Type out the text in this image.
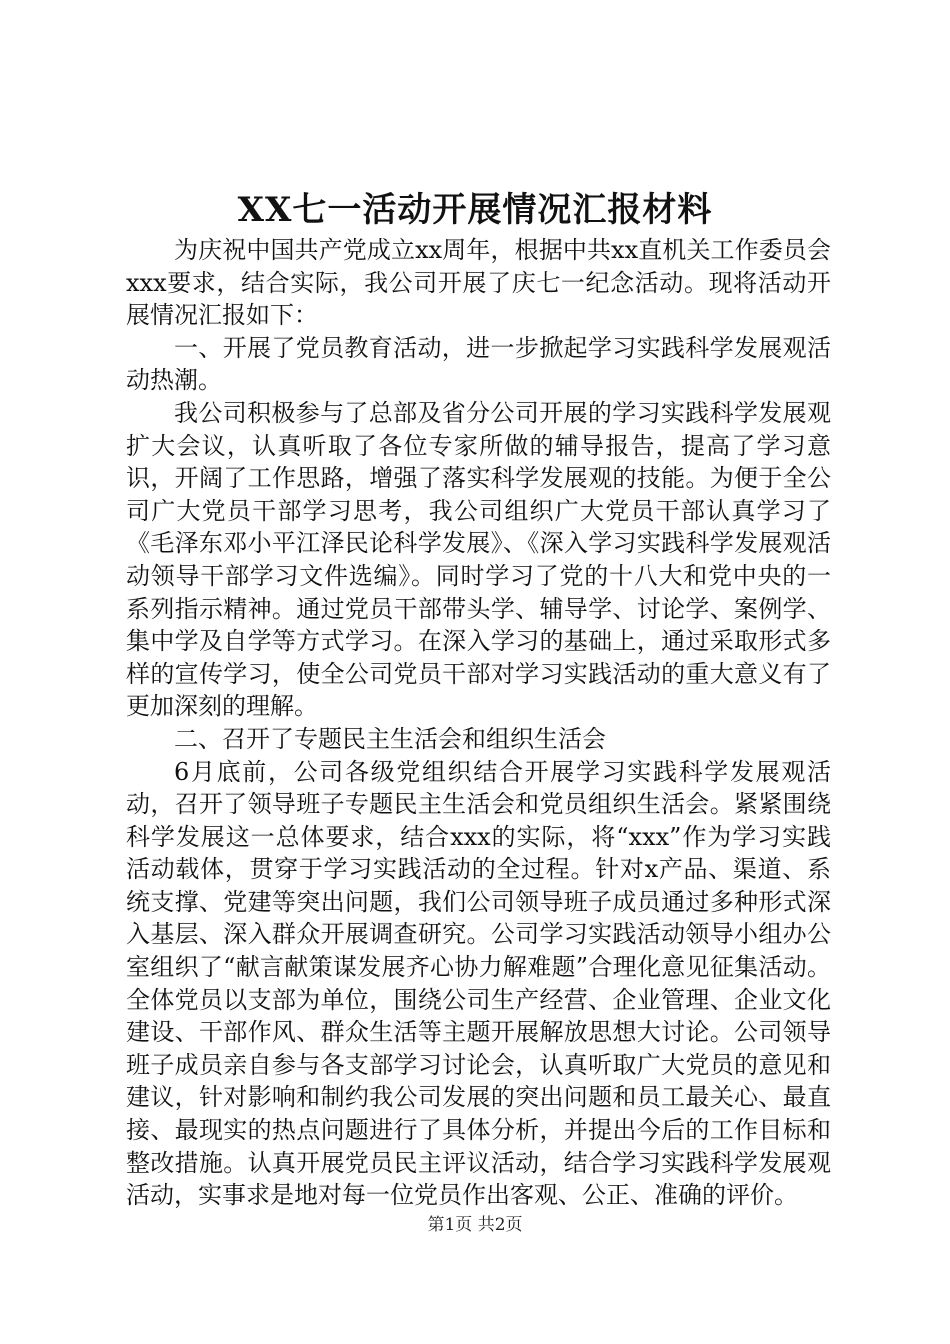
XX七一活动开展情况汇报材料

为庆祝中国共产党成立xx周年，根据中共xx直机关工作委员会xxx要求，结合实际，我公司开展了庆七一纪念活动。现将活动开展情况汇报如下：

一、开展了党员教育活动，进一步掀起学习实践科学发展观活动热潮。

我公司积极参与了总部及省分公司开展的学习实践科学发展观扩大会议，认真听取了各位专家所做的辅导报告，提高了学习意识，开阔了工作思路，增强了落实科学发展观的技能。为便于全公司广大党员干部学习思考，我公司组织广大党员干部认真学习了《毛泽东邓小平江泽民论科学发展》、《深入学习实践科学发展观活动领导干部学习文件选编》。同时学习了党的十八大和党中央的一系列指示精神。通过党员干部带头学、辅导学、讨论学、案例学、集中学及自学等方式学习。在深入学习的基础上，通过采取形式多样的宣传学习，使全公司党员干部对学习实践活动的重大意义有了更加深刻的理解。

二、召开了专题民主生活会和组织生活会

6月底前，公司各级党组织结合开展学习实践科学发展观活动，召开了领导班子专题民主生活会和党员组织生活会。紧紧围绕科学发展这一总体要求，结合xxx的实际，将“xxx”作为学习实践活动载体，贯穿于学习实践活动的全过程。针对x产品、渠道、系统支撑、党建等突出问题，我们公司领导班子成员通过多种形式深入基层、深入群众开展调查研究。公司学习实践活动领导小组办公室组织了“献言献策谋发展齐心协力解难题”合理化意见征集活动。全体党员以支部为单位，围绕公司生产经营、企业管理、企业文化建设、干部作风、群众生活等主题开展解放思想大讨论。公司领导班子成员亲自参与各支部学习讨论会，认真听取广大党员的意见和建议，针对影响和制约我公司发展的突出问题和员工最关心、最直接、最现实的热点问题进行了具体分析，并提出今后的工作目标和整改措施。认真开展党员民主评议活动，结合学习实践科学发展观活动，实事求是地对每一位党员作出客观、公正、准确的评价。

第1页 共2页
